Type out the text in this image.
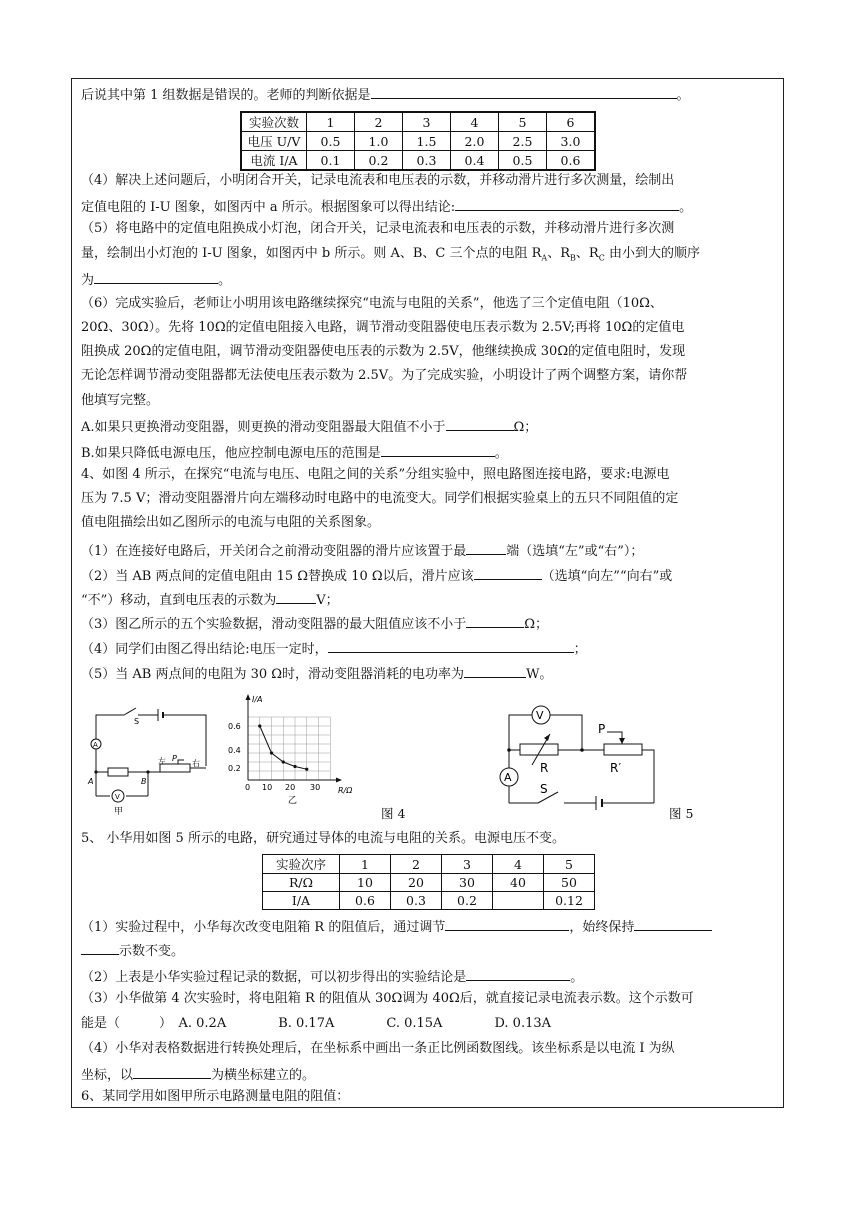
后说其中第 1 组数据是错误的。老师的判断依据是	。
实验次数	1	2	3	4	5	6
电压 U/V	0.5	1.0	1.5	2.0	2.5	3.0
电流 I/A	0.1	0.2	0.3	0.4	0.5	0.6
（4）解决上述问题后，小明闭合开关，记录电流表和电压表的示数，并移动滑片进行多次测量，绘制出
定值电阻的 I-U 图象，如图丙中 a 所示。根据图象可以得出结论:	。
（5）将电路中的定值电阻换成小灯泡，闭合开关，记录电流表和电压表的示数，并移动滑片进行多次测
量，绘制出小灯泡的 I-U 图象，如图丙中 b 所示。则 A、B、C 三个点的电阻 $R_A$、$R_B$、$R_C$ 由小到大的顺序
为	。
（6）完成实验后，老师让小明用该电路继续探究“电流与电阻的关系”，他选了三个定值电阻（10Ω、
20Ω、30Ω）。先将 10Ω的定值电阻接入电路，调节滑动变阻器使电压表示数为 2.5V;再将 10Ω的定值电
阻换成 20Ω的定值电阻，调节滑动变阻器使电压表的示数为 2.5V，他继续换成 30Ω的定值电阻时，发现
无论怎样调节滑动变阻器都无法使电压表示数为 2.5V。为了完成实验，小明设计了两个调整方案，请你帮
他填写完整。
A.如果只更换滑动变阻器，则更换的滑动变阻器最大阻值不小于	Ω；
B.如果只降低电源电压，他应控制电源电压的范围是	。
4、如图 4 所示，在探究“电流与电压、电阻之间的关系”分组实验中，照电路图连接电路，要求:电源电
压为 7.5 V；滑动变阻器滑片向左端移动时电路中的电流变大。同学们根据实验桌上的五只不同阻值的定
值电阻描绘出如乙图所示的电流与电阻的关系图象。
（1）在连接好电路后，开关闭合之前滑动变阻器的滑片应该置于最	端（选填“左”或“右”）；
（2）当 AB 两点间的定值电阻由 15 Ω替换成 10 Ω以后，滑片应该	（选填“向左”“向右”或
“不”）移动，直到电压表的示数为	V；
（3）图乙所示的五个实验数据，滑动变阻器的最大阻值应该不小于	Ω；
（4）同学们由图乙得出结论:电压一定时，	；
（5）当 AB 两点间的电阻为 30 Ω时，滑动变阻器消耗的电功率为	W。
A
V
S
A	B
左 P
右
甲
I/A
R/Ω
0.6
0.4
0.2
0 10 20 30
乙
图 4
V
A
R	R′
P
S
图 5
5、 小华用如图 5 所示的电路，研究通过导体的电流与电阻的关系。电源电压不变。
实验次序	1	2	3	4	5
R/Ω	10	20	30	40	50
I/A	0.6	0.3	0.2		0.12
（1）实验过程中，小华每次改变电阻箱 R 的阻值后，通过调节	，始终保持
示数不变。
（2）上表是小华实验过程记录的数据，可以初步得出的实验结论是	。
（3）小华做第 4 次实验时，将电阻箱 R 的阻值从 30Ω调为 40Ω后，就直接记录电流表示数。这个示数可
能是（　　　）　A. 0.2A　　　　B. 0.17A　　　　C. 0.15A　　　　D. 0.13A
（4）小华对表格数据进行转换处理后，在坐标系中画出一条正比例函数图线。该坐标系是以电流 I 为纵
坐标，以	为横坐标建立的。
6、某同学用如图甲所示电路测量电阻的阻值：
